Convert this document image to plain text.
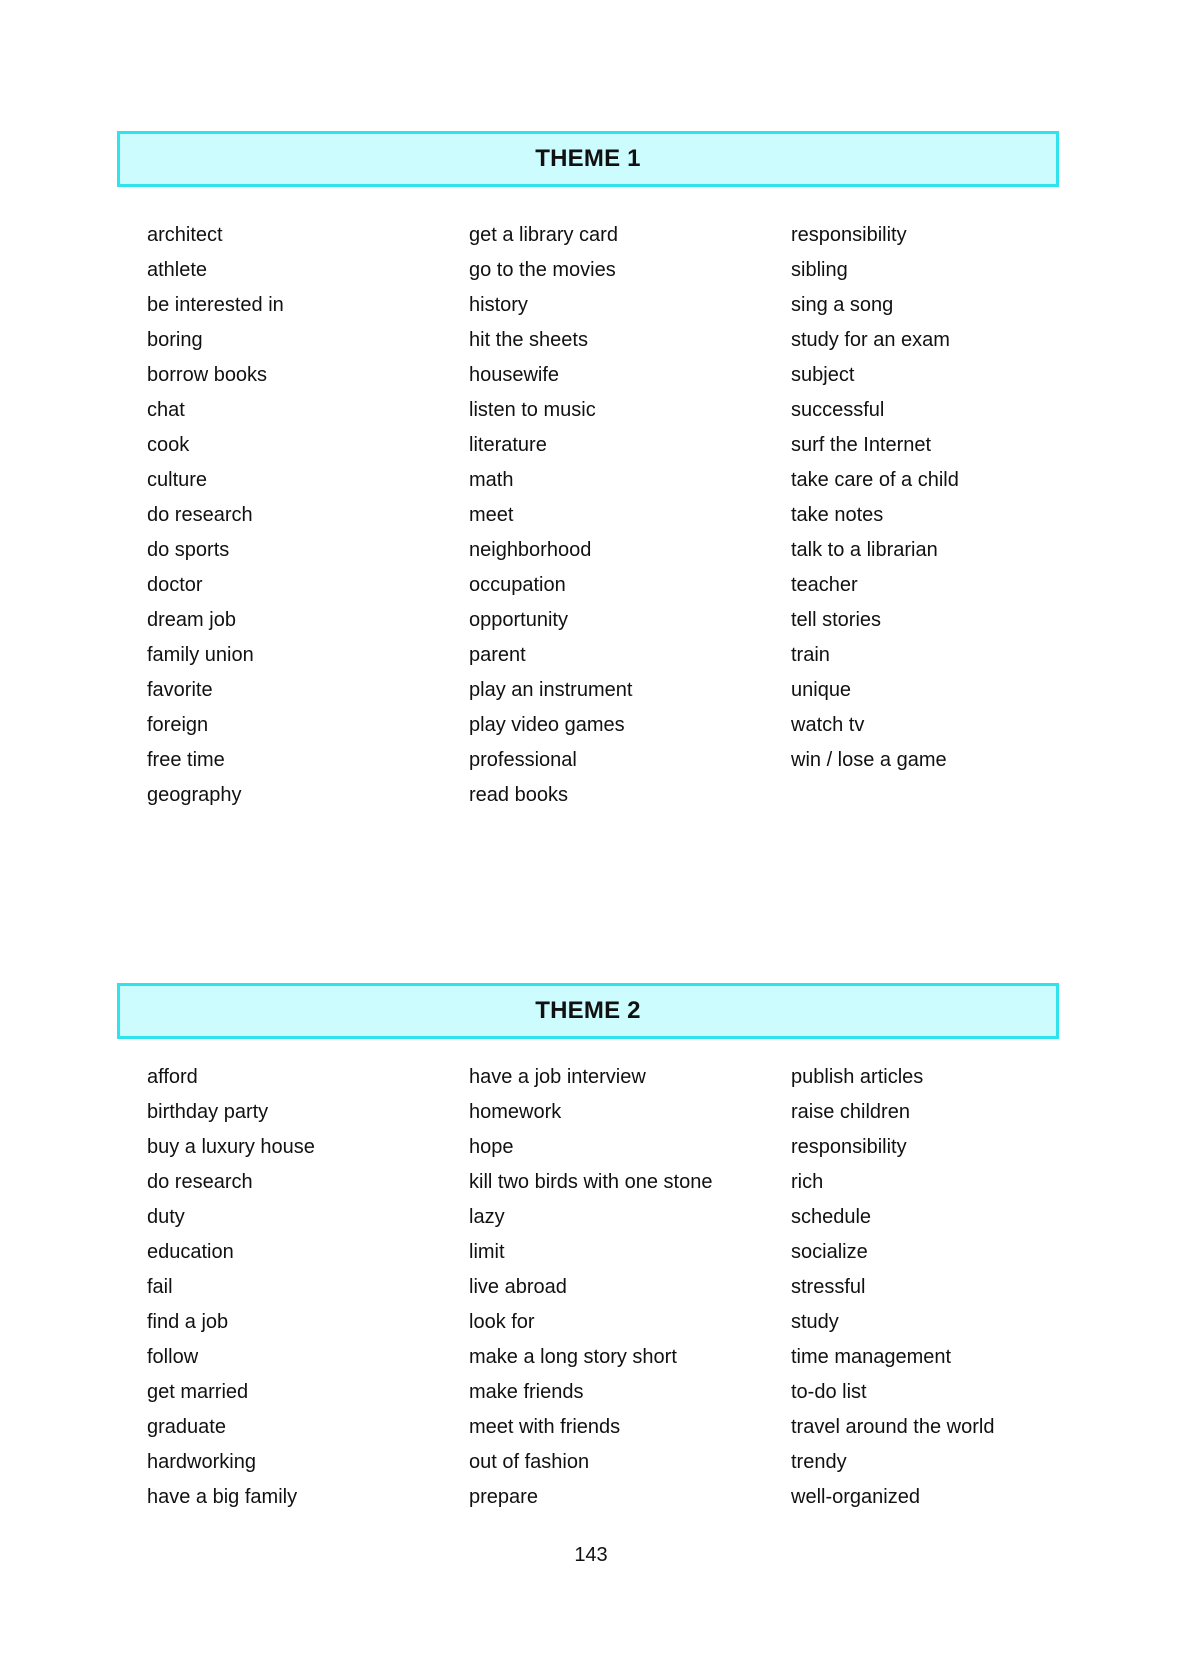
THEME 1
architect
athlete
be interested in
boring
borrow books
chat
cook
culture
do research
do sports
doctor
dream job
family union
favorite
foreign
free time
geography
get a library card
go to the movies
history
hit the sheets
housewife
listen to music
literature
math
meet
neighborhood
occupation
opportunity
parent
play an instrument
play video games
professional
read books
responsibility
sibling
sing a song
study for an exam
subject
successful
surf the Internet
take care of a child
take notes
talk to a librarian
teacher
tell stories
train
unique
watch tv
win / lose a game
THEME 2
afford
birthday party
buy a luxury house
do research
duty
education
fail
find a job
follow
get married
graduate
hardworking
have a big family
have a job interview
homework
hope
kill two birds with one stone
lazy
limit
live abroad
look for
make a long story short
make friends
meet with friends
out of fashion
prepare
publish articles
raise children
responsibility
rich
schedule
socialize
stressful
study
time management
to-do list
travel around the world
trendy
well-organized
143
